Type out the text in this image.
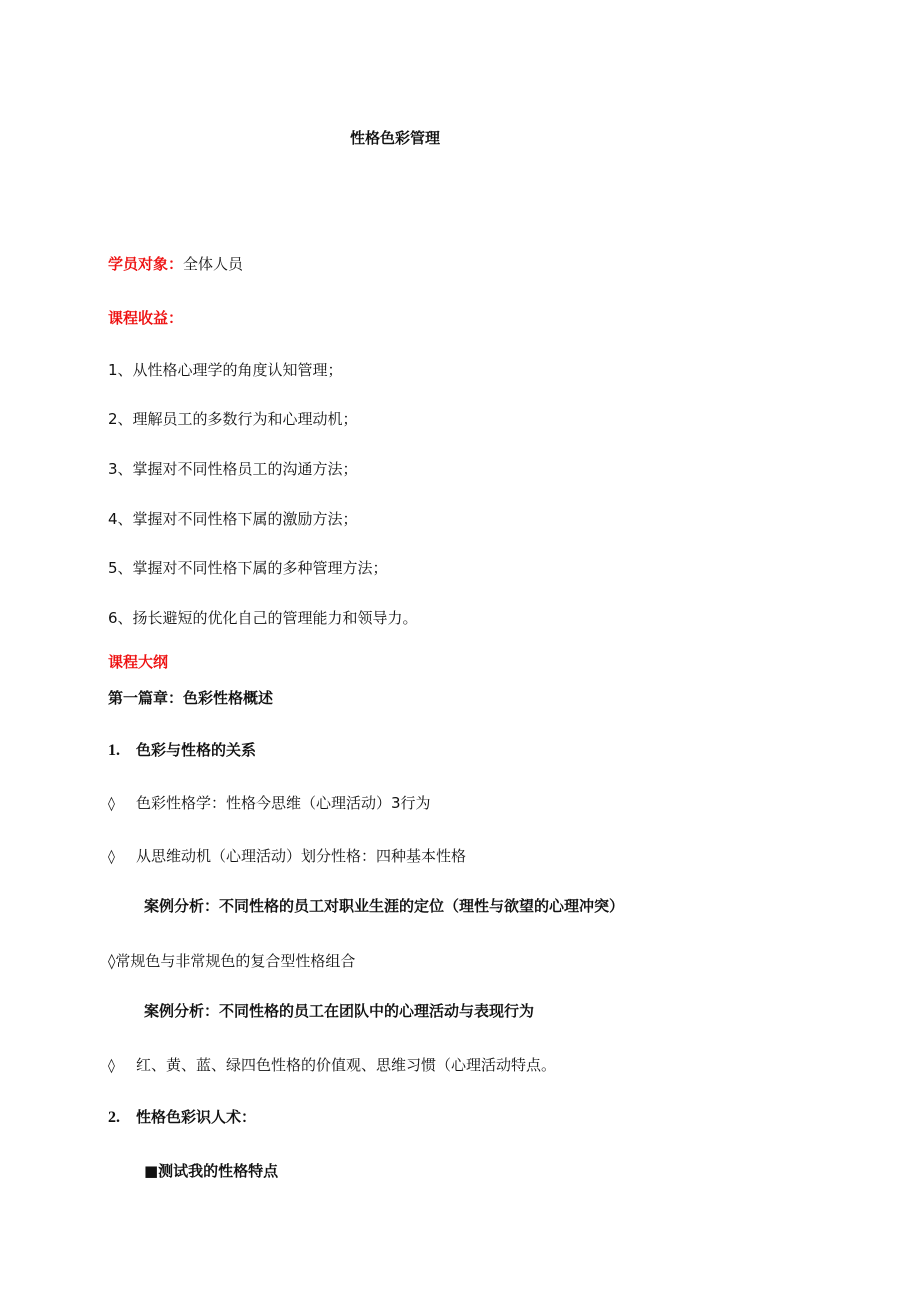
性格色彩管理
学员对象：全体人员
课程收益：
1、从性格心理学的角度认知管理；
2、理解员工的多数行为和心理动机；
3、掌握对不同性格员工的沟通方法；
4、掌握对不同性格下属的激励方法；
5、掌握对不同性格下属的多种管理方法；
6、扬长避短的优化自己的管理能力和领导力。
课程大纲
第一篇章：色彩性格概述
1. 色彩与性格的关系
◊ 色彩性格学：性格今思维（心理活动）3行为
◊ 从思维动机（心理活动）划分性格：四种基本性格
案例分析：不同性格的员工对职业生涯的定位（理性与欲望的心理冲突）
◊常规色与非常规色的复合型性格组合
案例分析：不同性格的员工在团队中的心理活动与表现行为
◊ 红、黄、蓝、绿四色性格的价值观、思维习惯（心理活动特点。
2. 性格色彩识人术：
■测试我的性格特点
